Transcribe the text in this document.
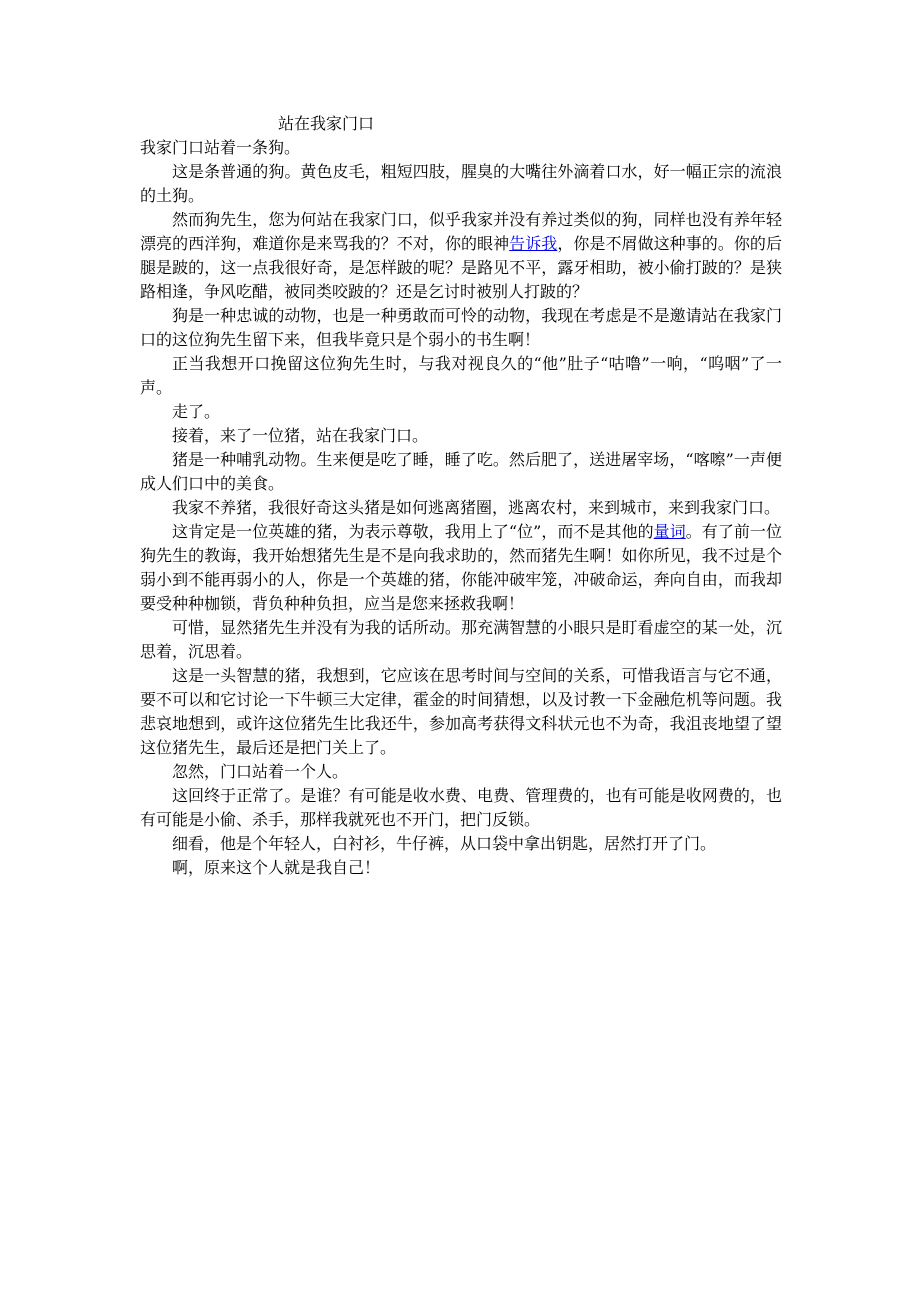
站在我家门口

我家门口站着一条狗。

这是条普通的狗。黄色皮毛，粗短四肢，腥臭的大嘴往外滴着口水，好一幅正宗的流浪的土狗。

然而狗先生，您为何站在我家门口，似乎我家并没有养过类似的狗，同样也没有养年轻漂亮的西洋狗，难道你是来骂我的？不对，你的眼神告诉我，你是不屑做这种事的。你的后腿是跛的，这一点我很好奇，是怎样跛的呢？是路见不平，露牙相助，被小偷打跛的？是狭路相逢，争风吃醋，被同类咬跛的？还是乞讨时被别人打跛的？

狗是一种忠诚的动物，也是一种勇敢而可怜的动物，我现在考虑是不是邀请站在我家门口的这位狗先生留下来，但我毕竟只是个弱小的书生啊！

正当我想开口挽留这位狗先生时，与我对视良久的“他”肚子“咕噜”一响，“呜咽”了一声。

走了。

接着，来了一位猪，站在我家门口。

猪是一种哺乳动物。生来便是吃了睡，睡了吃。然后肥了，送进屠宰场，“喀嚓”一声便成人们口中的美食。

我家不养猪，我很好奇这头猪是如何逃离猪圈，逃离农村，来到城市，来到我家门口。

这肯定是一位英雄的猪，为表示尊敬，我用上了“位”，而不是其他的量词。有了前一位狗先生的教诲，我开始想猪先生是不是向我求助的，然而猪先生啊！如你所见，我不过是个弱小到不能再弱小的人，你是一个英雄的猪，你能冲破牢笼，冲破命运，奔向自由，而我却要受种种枷锁，背负种种负担，应当是您来拯救我啊！

可惜，显然猪先生并没有为我的话所动。那充满智慧的小眼只是盯看虚空的某一处，沉思着，沉思着。

这是一头智慧的猪，我想到，它应该在思考时间与空间的关系，可惜我语言与它不通，要不可以和它讨论一下牛顿三大定律，霍金的时间猜想，以及讨教一下金融危机等问题。我悲哀地想到，或许这位猪先生比我还牛，参加高考获得文科状元也不为奇，我沮丧地望了望这位猪先生，最后还是把门关上了。

忽然，门口站着一个人。

这回终于正常了。是谁？有可能是收水费、电费、管理费的，也有可能是收网费的，也有可能是小偷、杀手，那样我就死也不开门，把门反锁。

细看，他是个年轻人，白衬衫，牛仔裤，从口袋中拿出钥匙，居然打开了门。

啊，原来这个人就是我自己！
